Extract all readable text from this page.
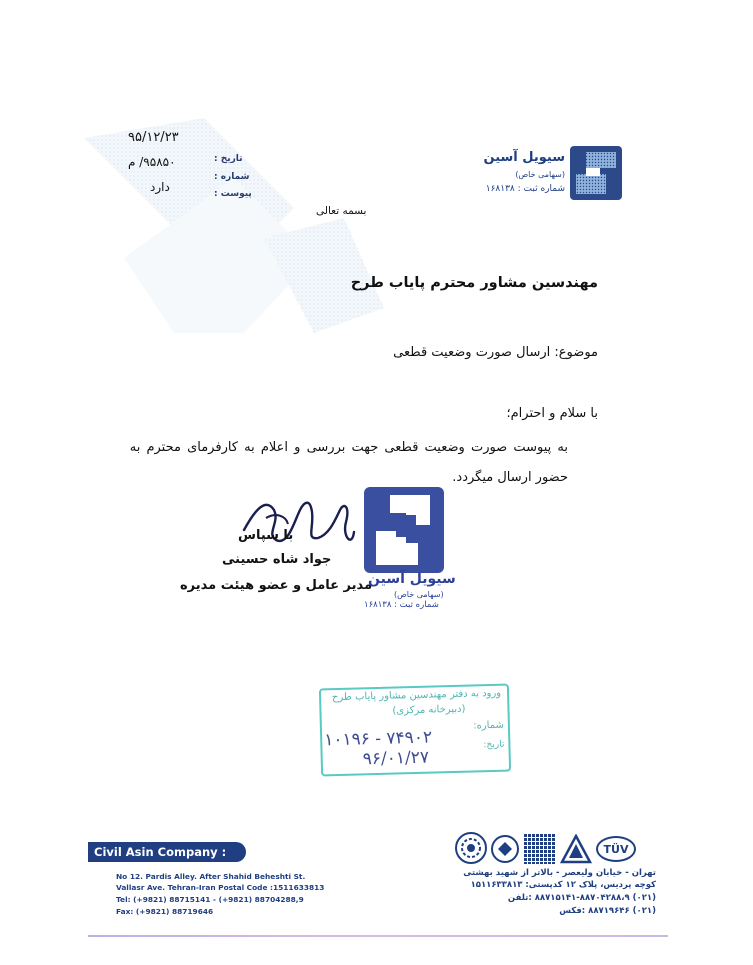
۹۵/۱۲/۲۳
تاریخ :
۹۵۸۵۰/ م
شماره :
دارد	پیوست :
سیویل آسین
(سهامی خاص)
شماره ثبت : ۱۶۸۱۳۸
بسمه تعالی
مهندسین مشاور محترم پایاب طرح
موضوع: ارسال صورت وضعیت قطعی
با سلام و احترام؛
به پیوست صورت وضعیت قطعی جهت بررسی و اعلام به کارفرمای محترم به
حضور ارسال میگردد.
سیویل آسین
(سهامی خاص)
شماره ثبت : ۱۶۸۱۳۸
با سپاس
جواد شاه حسینی
مدیر عامل و عضو هیئت مدیره
ورود به دفتر مهندسین مشاور پایاب طرح
(دبیرخانه مرکزی)
شماره:
تاریخ:
۱۰۱۹۶ - ۷۴۹۰۲
۹۶/۰۱/۲۷
Civil Asin Company :
No 12. Pardis Alley. After Shahid Beheshti St.
Vallasr Ave. Tehran-Iran Postal Code :1511633813
Tel: (+9821) 88715141 - (+9821) 88704288,9
Fax: (+9821) 88719646
TÜV
تهران - خیابان ولیعصر - بالاتر از شهید بهشتی
کوچه پردیس، پلاک ۱۲ کدپستی: ۱۵۱۱۶۳۳۸۱۳
(۰۲۱) ۸۸۷۱۵۱۴۱-۸۸۷۰۴۲۸۸،۹ :تلفن
(۰۲۱) ۸۸۷۱۹۶۴۶ :فکس
